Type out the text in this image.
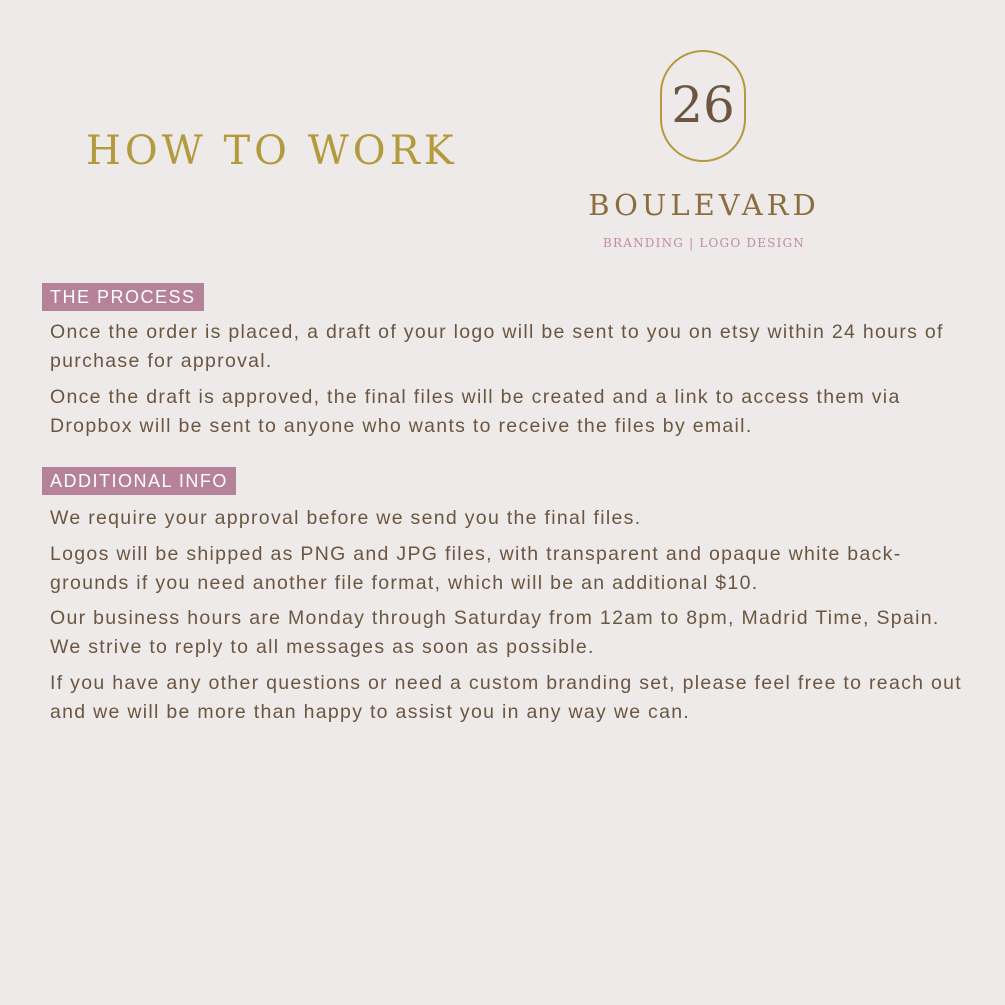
HOW TO WORK
26
BOULEVARD
BRANDING | LOGO DESIGN
THE PROCESS

Once the order is placed, a draft of your logo will be sent to you on etsy within 24 hours of purchase for approval.

Once the draft is approved, the final files will be created and a link to access them via Dropbox will be sent to anyone who wants to receive the files by email.

ADDITIONAL INFO

We require your approval before we send you the final files.

Logos will be shipped as PNG and JPG files, with transparent and opaque white back-grounds if you need another file format, which will be an additional $10.

Our business hours are Monday through Saturday from 12am to 8pm, Madrid Time, Spain. We strive to reply to all messages as soon as possible.

If you have any other questions or need a custom branding set, please feel free to reach out and we will be more than happy to assist you in any way we can.
